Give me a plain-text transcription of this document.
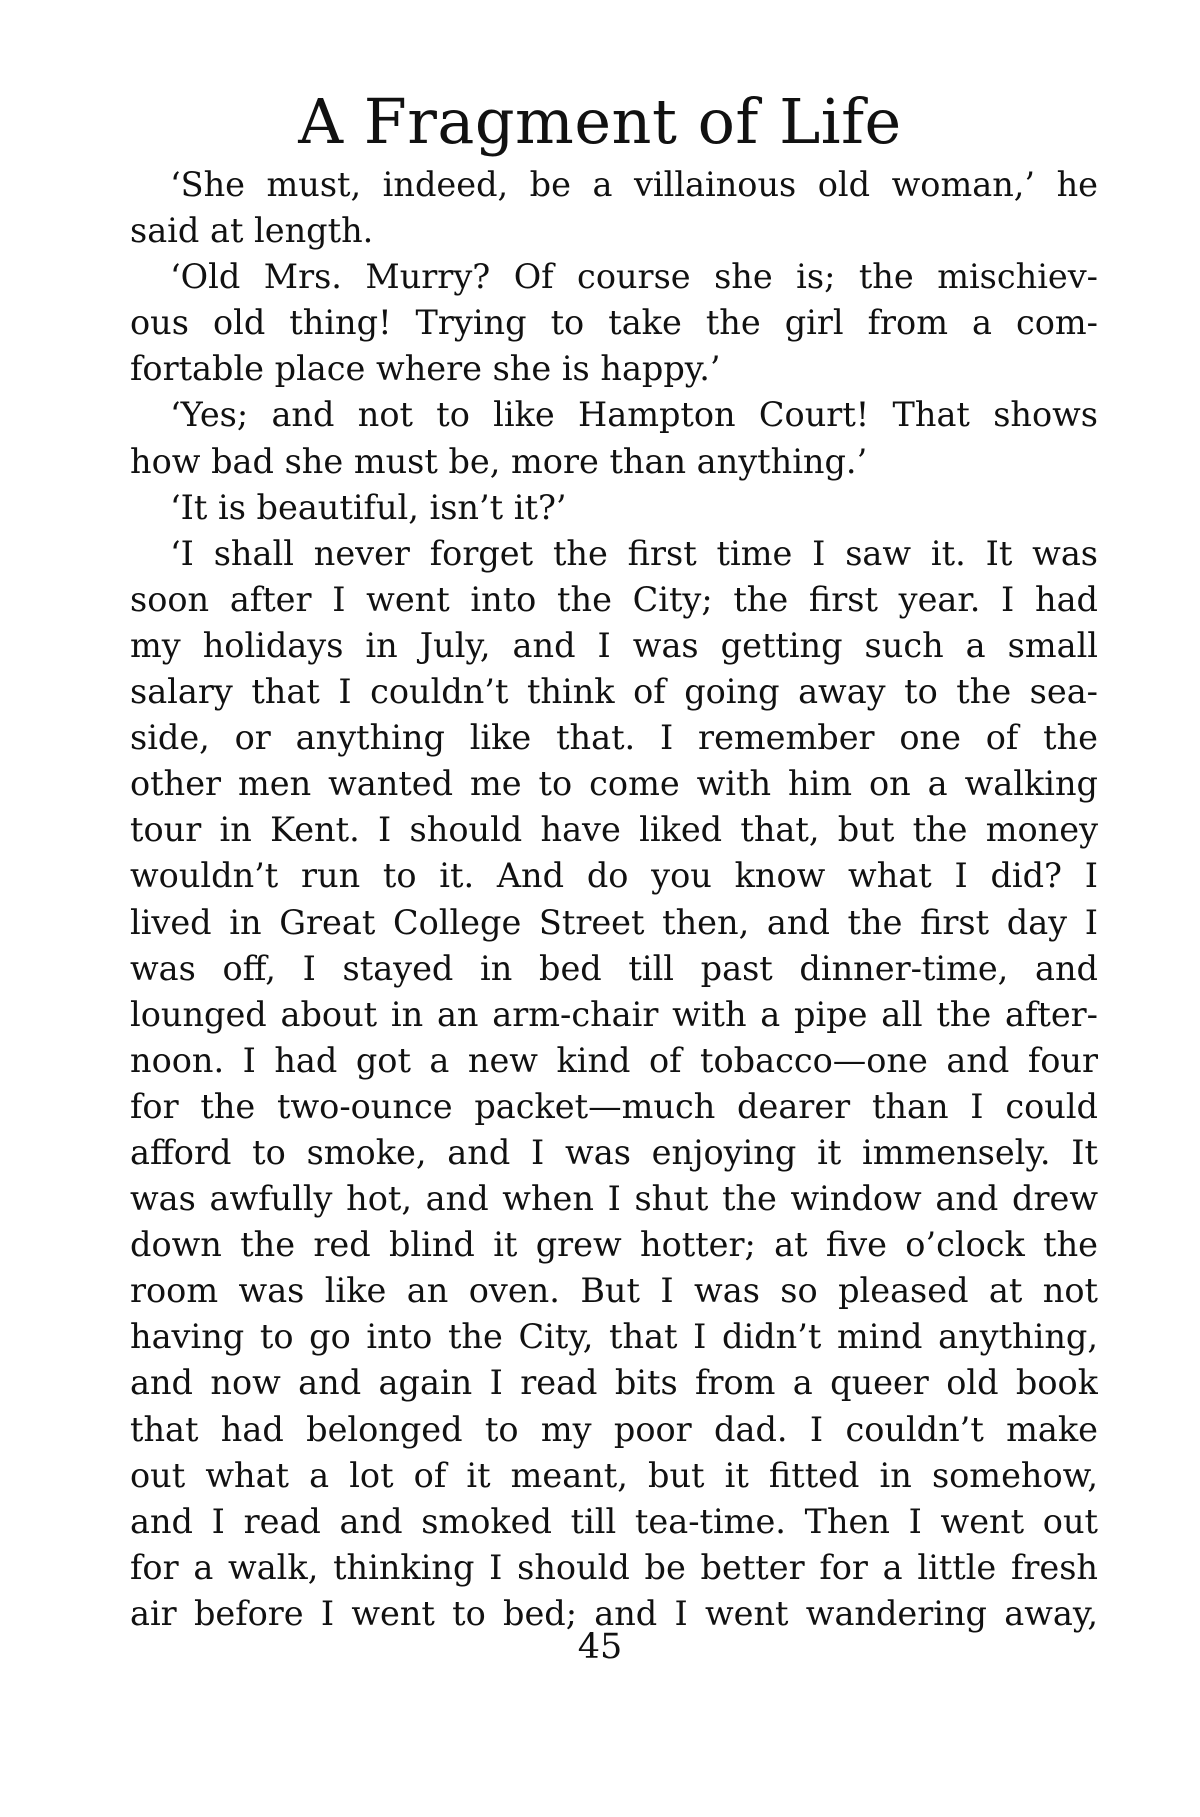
A Fragment of Life
‘She must, indeed, be a villainous old woman,’ he
said at length.
‘Old Mrs. Murry? Of course she is; the mischiev-
ous old thing! Trying to take the girl from a com-
fortable place where she is happy.’
‘Yes; and not to like Hampton Court! That shows
how bad she must be, more than anything.’
‘It is beautiful, isn’t it?’
‘I shall never forget the first time I saw it. It was
soon after I went into the City; the first year. I had
my holidays in July, and I was getting such a small
salary that I couldn’t think of going away to the sea-
side, or anything like that. I remember one of the
other men wanted me to come with him on a walking
tour in Kent. I should have liked that, but the money
wouldn’t run to it. And do you know what I did? I
lived in Great College Street then, and the first day I
was off, I stayed in bed till past dinner-time, and
lounged about in an arm-chair with a pipe all the after-
noon. I had got a new kind of tobacco—one and four
for the two-ounce packet—much dearer than I could
afford to smoke, and I was enjoying it immensely. It
was awfully hot, and when I shut the window and drew
down the red blind it grew hotter; at five o’clock the
room was like an oven. But I was so pleased at not
having to go into the City, that I didn’t mind anything,
and now and again I read bits from a queer old book
that had belonged to my poor dad. I couldn’t make
out what a lot of it meant, but it fitted in somehow,
and I read and smoked till tea-time. Then I went out
for a walk, thinking I should be better for a little fresh
air before I went to bed; and I went wandering away,
45
